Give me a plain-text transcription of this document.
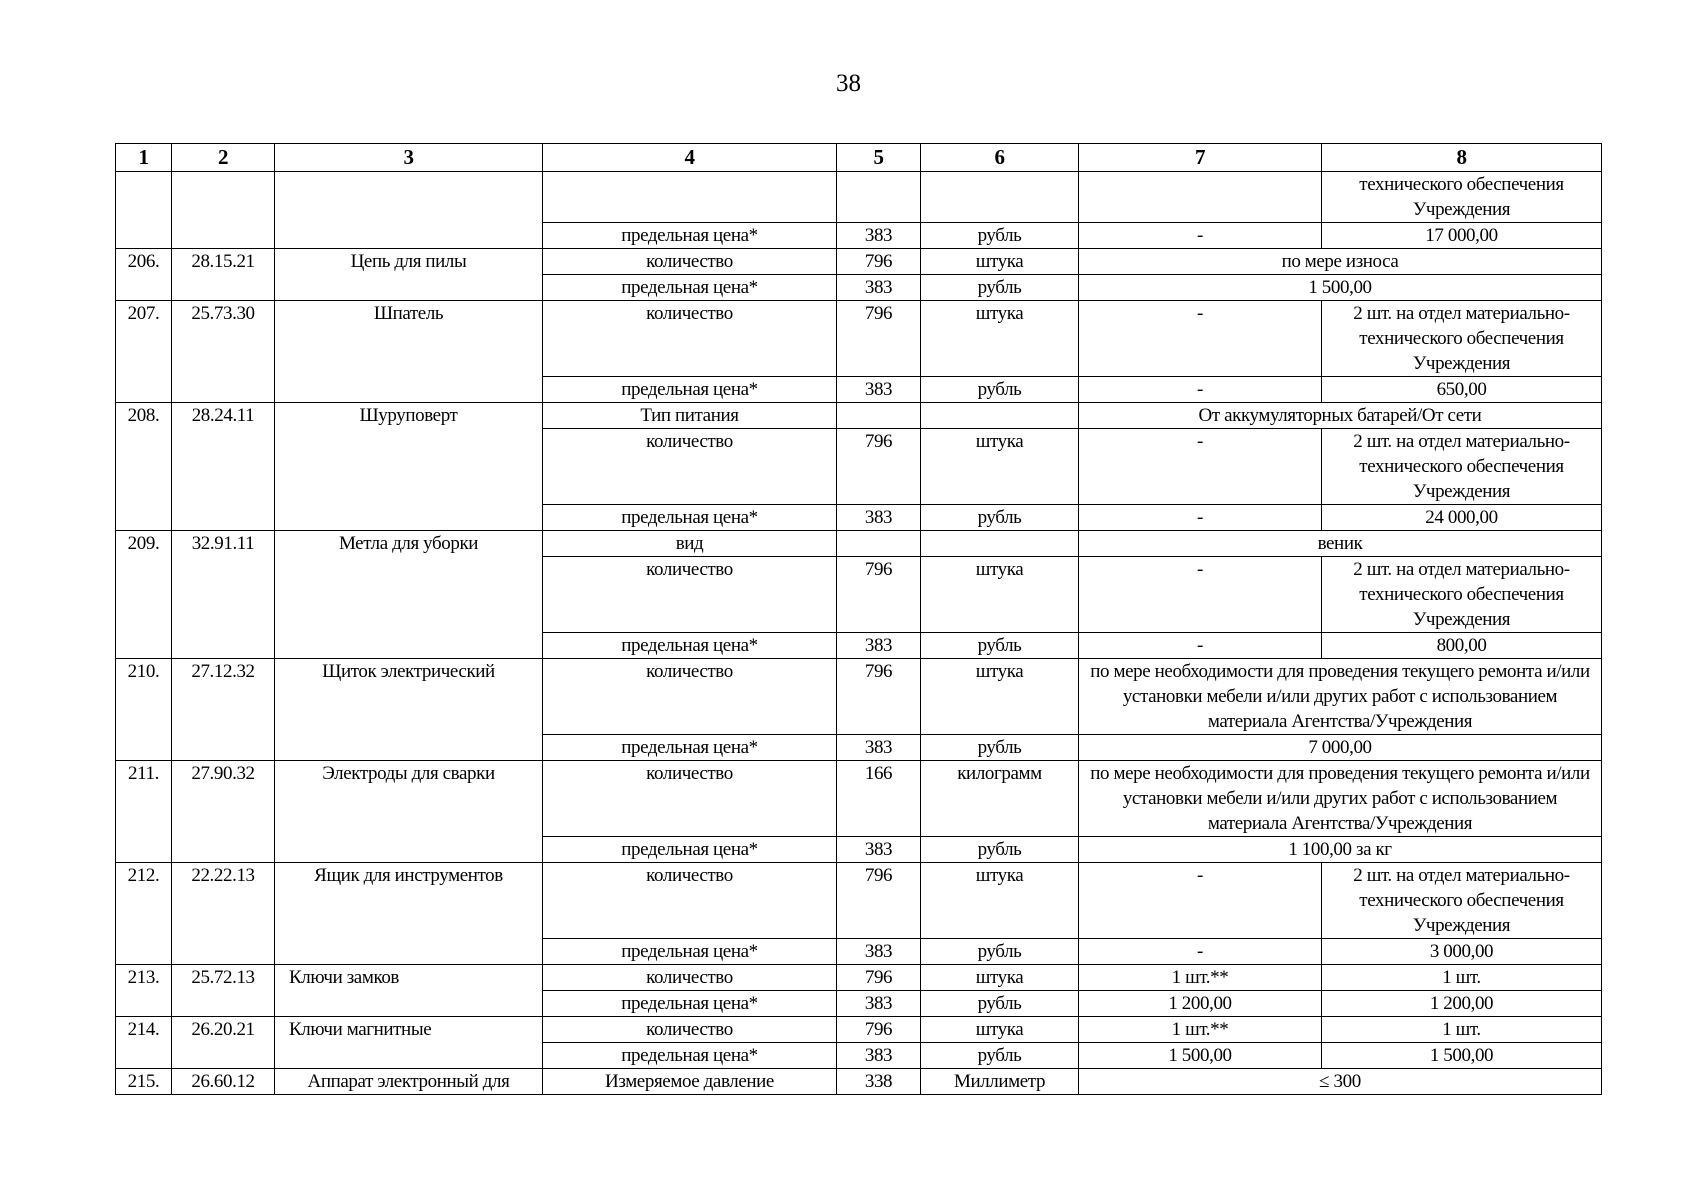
38
1	2	3	4	5	6	7	8
							технического обеспечения Учреждения
			предельная цена*	383	рубль	-	17 000,00
206.	28.15.21	Цепь для пилы	количество	796	штука	по мере износа	
			предельная цена*	383	рубль	1 500,00	
207.	25.73.30	Шпатель	количество	796	штука	-	2 шт. на отдел материально-технического обеспечения Учреждения
			предельная цена*	383	рубль	-	650,00
208.	28.24.11	Шуруповерт	Тип питания			От аккумуляторных батарей/От сети	
			количество	796	штука	-	2 шт. на отдел материально-технического обеспечения Учреждения
			предельная цена*	383	рубль	-	24 000,00
209.	32.91.11	Метла для уборки	вид			веник	
			количество	796	штука	-	2 шт. на отдел материально-технического обеспечения Учреждения
			предельная цена*	383	рубль	-	800,00
210.	27.12.32	Щиток электрический	количество	796	штука	по мере необходимости для проведения текущего ремонта и/или установки мебели и/или других работ с использованием материала Агентства/Учреждения	
			предельная цена*	383	рубль	7 000,00	
211.	27.90.32	Электроды для сварки	количество	166	килограмм	по мере необходимости для проведения текущего ремонта и/или установки мебели и/или других работ с использованием материала Агентства/Учреждения	
			предельная цена*	383	рубль	1 100,00 за кг	
212.	22.22.13	Ящик для инструментов	количество	796	штука	-	2 шт. на отдел материально-технического обеспечения Учреждения
			предельная цена*	383	рубль	-	3 000,00
213.	25.72.13	Ключи замков	количество	796	штука	1 шт.**	1 шт.
			предельная цена*	383	рубль	1 200,00	1 200,00
214.	26.20.21	Ключи магнитные	количество	796	штука	1 шт.**	1 шт.
			предельная цена*	383	рубль	1 500,00	1 500,00
215.	26.60.12	Аппарат электронный для	Измеряемое давление	338	Миллиметр	≤ 300	
